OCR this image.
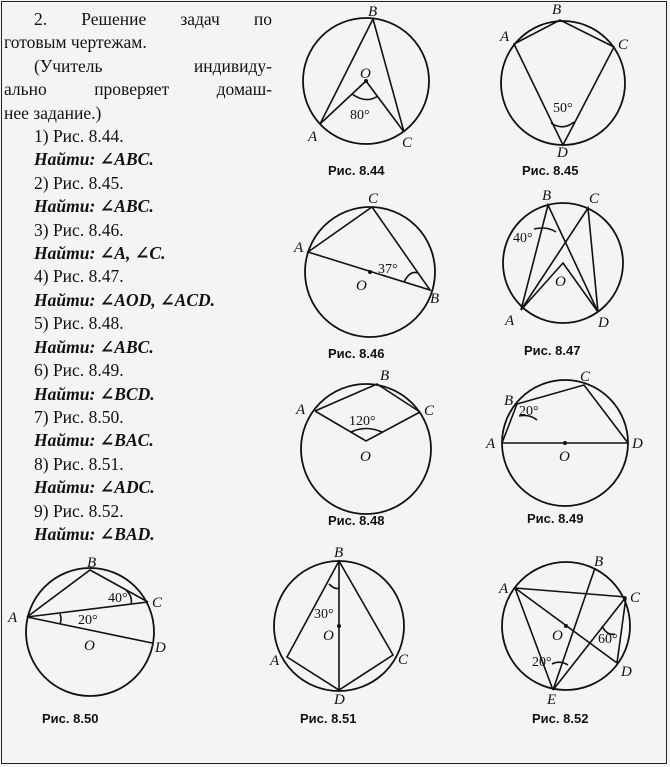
2. Решение задач по
готовым чертежам.
(Учитель индивиду-
ально проверяет домаш-
нее задание.)
1) Рис. 8.44.
Найти: ∠ABC.
2) Рис. 8.45.
Найти: ∠ABC.
3) Рис. 8.46.
Найти: ∠A, ∠C.
4) Рис. 8.47.
Найти: ∠AOD, ∠ACD.
5) Рис. 8.48.
Найти: ∠ABC.
6) Рис. 8.49.
Найти: ∠BCD.
7) Рис. 8.50.
Найти: ∠BAC.
8) Рис. 8.51.
Найти: ∠ADC.
9) Рис. 8.52.
Найти: ∠BAD.
B
O
A	C
80°
Рис. 8.44
B
A	C
D
50°
Рис. 8.45
C
A
O
B
37°
Рис. 8.46
B	C
O
A	D
40°
Рис. 8.47
B
A	C
O
120°
Рис. 8.48
C
B
A
O
D
20°
Рис. 8.49
B
C
A
O	D
40°
20°
Рис. 8.50
B
O
A	C
D
30°
Рис. 8.51
B
A
C
O
D
E
20°
60°
Рис. 8.52
